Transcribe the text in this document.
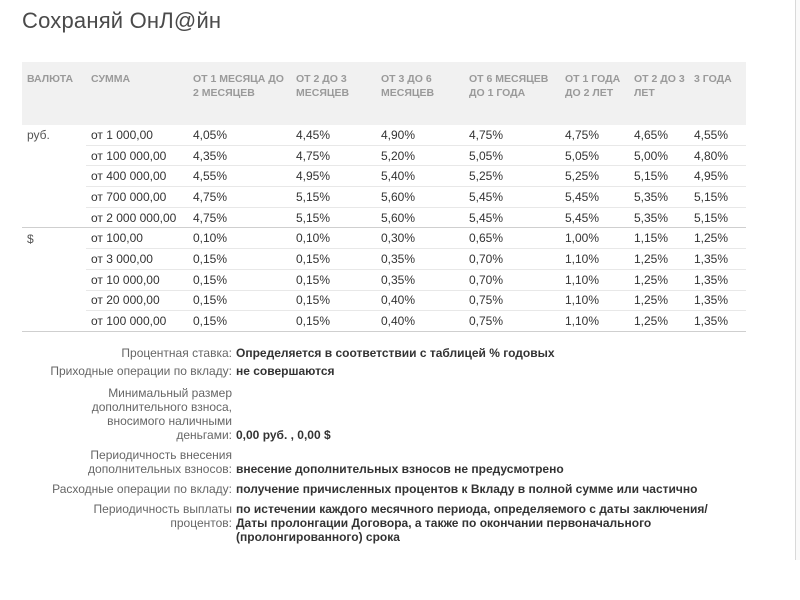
Сохраняй ОнЛ@йн
ВАЛЮТА	СУММА	ОТ 1 МЕСЯЦА ДО 2 МЕСЯЦЕВ	ОТ 2 ДО 3 МЕСЯЦЕВ	ОТ 3 ДО 6 МЕСЯЦЕВ	ОТ 6 МЕСЯЦЕВ ДО 1 ГОДА	ОТ 1 ГОДА ДО 2 ЛЕТ	ОТ 2 ДО 3 ЛЕТ	3 ГОДА
руб.	от 1 000,00	4,05%	4,45%	4,90%	4,75%	4,75%	4,65%	4,55%
	от 100 000,00	4,35%	4,75%	5,20%	5,05%	5,05%	5,00%	4,80%
	от 400 000,00	4,55%	4,95%	5,40%	5,25%	5,25%	5,15%	4,95%
	от 700 000,00	4,75%	5,15%	5,60%	5,45%	5,45%	5,35%	5,15%
	от 2 000 000,00	4,75%	5,15%	5,60%	5,45%	5,45%	5,35%	5,15%
$	от 100,00	0,10%	0,10%	0,30%	0,65%	1,00%	1,15%	1,25%
	от 3 000,00	0,15%	0,15%	0,35%	0,70%	1,10%	1,25%	1,35%
	от 10 000,00	0,15%	0,15%	0,35%	0,70%	1,10%	1,25%	1,35%
	от 20 000,00	0,15%	0,15%	0,40%	0,75%	1,10%	1,25%	1,35%
	от 100 000,00	0,15%	0,15%	0,40%	0,75%	1,10%	1,25%	1,35%
Процентная ставка: Определяется в соответствии с таблицей % годовых
Приходные операции по вкладу: не совершаются
Минимальный размер дополнительного взноса, вносимого наличными деньгами: 0,00 руб. , 0,00 $
Периодичность внесения дополнительных взносов: внесение дополнительных взносов не предусмотрено
Расходные операции по вкладу: получение причисленных процентов к Вкладу в полной сумме или частично
Периодичность выплаты процентов:
по истечении каждого месячного периода, определяемого с даты заключения/ Даты пролонгации Договора, а также по окончании первоначального (пролонгированного) срока
